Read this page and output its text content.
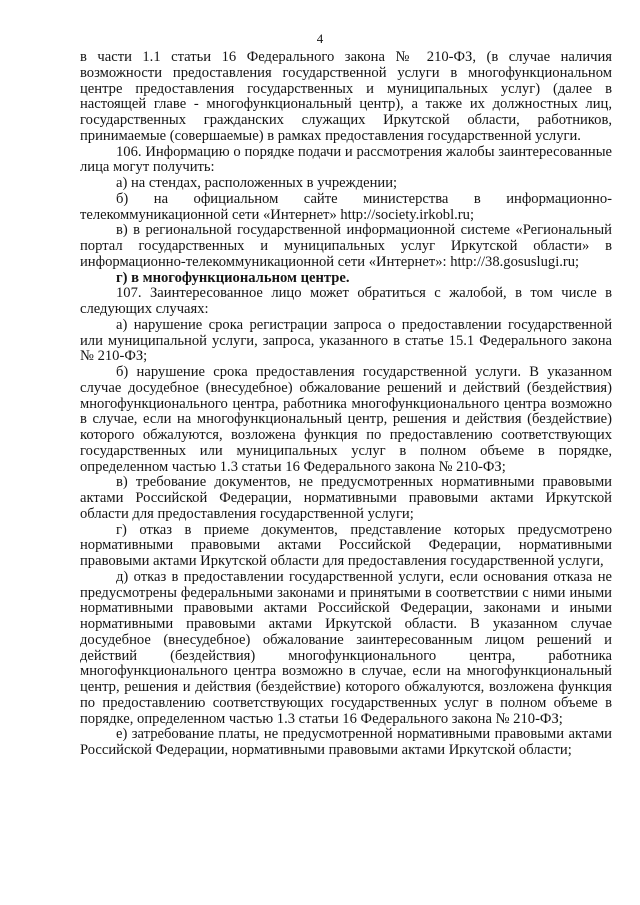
4

в части 1.1 статьи 16 Федерального закона № 210-ФЗ, (в случае наличия возможности предоставления государственной услуги в многофункциональном центре предоставления государственных и муниципальных услуг) (далее в настоящей главе - многофункциональный центр), а также их должностных лиц, государственных гражданских служащих Иркутской области, работников, принимаемые (совершаемые) в рамках предоставления государственной услуги.

106. Информацию о порядке подачи и рассмотрения жалобы заинтересованные лица могут получить:

а) на стендах, расположенных в учреждении;

б) на официальном сайте министерства в информационно-телекоммуникационной сети «Интернет» http://society.irkobl.ru;

в) в региональной государственной информационной системе «Региональный портал государственных и муниципальных услуг Иркутской области» в информационно-телекоммуникационной сети «Интернет»: http://38.gosuslugi.ru;

г) в многофункциональном центре.

107. Заинтересованное лицо может обратиться с жалобой, в том числе в следующих случаях:

а) нарушение срока регистрации запроса о предоставлении государственной или муниципальной услуги, запроса, указанного в статье 15.1 Федерального закона № 210-ФЗ;

б) нарушение срока предоставления государственной услуги. В указанном случае досудебное (внесудебное) обжалование решений и действий (бездействия) многофункционального центра, работника многофункционального центра возможно в случае, если на многофункциональный центр, решения и действия (бездействие) которого обжалуются, возложена функция по предоставлению соответствующих государственных или муниципальных услуг в полном объеме в порядке, определенном частью 1.3 статьи 16 Федерального закона № 210-ФЗ;

в) требование документов, не предусмотренных нормативными правовыми актами Российской Федерации, нормативными правовыми актами Иркутской области для предоставления государственной услуги;

г) отказ в приеме документов, представление которых предусмотрено нормативными правовыми актами Российской Федерации, нормативными правовыми актами Иркутской области для предоставления государственной услуги,

д) отказ в предоставлении государственной услуги, если основания отказа не предусмотрены федеральными законами и принятыми в соответствии с ними иными нормативными правовыми актами Российской Федерации, законами и иными нормативными правовыми актами Иркутской области. В указанном случае досудебное (внесудебное) обжалование заинтересованным лицом решений и действий (бездействия) многофункционального центра, работника многофункционального центра возможно в случае, если на многофункциональный центр, решения и действия (бездействие) которого обжалуются, возложена функция по предоставлению соответствующих государственных услуг в полном объеме в порядке, определенном частью 1.3 статьи 16 Федерального закона № 210-ФЗ;

е) затребование платы, не предусмотренной нормативными правовыми актами Российской Федерации, нормативными правовыми актами Иркутской области;
